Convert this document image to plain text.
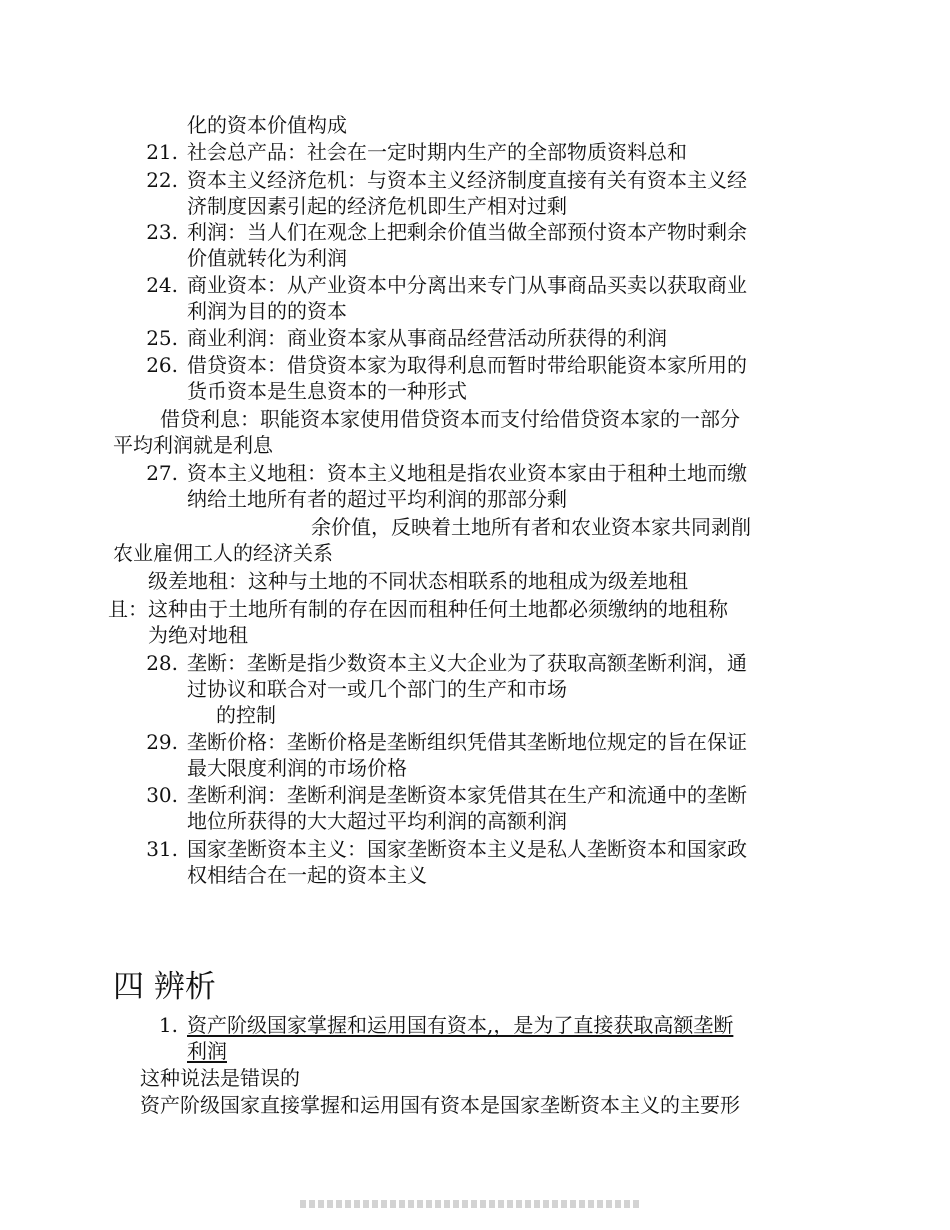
化的资本价值构成
21. 社会总产品：社会在一定时期内生产的全部物质资料总和
22. 资本主义经济危机：与资本主义经济制度直接有关有资本主义经
济制度因素引起的经济危机即生产相对过剩
23. 利润：当人们在观念上把剩余价值当做全部预付资本产物时剩余
价值就转化为利润
24. 商业资本：从产业资本中分离出来专门从事商品买卖以获取商业
利润为目的的资本
25. 商业利润：商业资本家从事商品经营活动所获得的利润
26. 借贷资本：借贷资本家为取得利息而暂时带给职能资本家所用的
货币资本是生息资本的一种形式
借贷利息：职能资本家使用借贷资本而支付给借贷资本家的一部分
平均利润就是利息
27. 资本主义地租：资本主义地租是指农业资本家由于租种土地而缴
纳给土地所有者的超过平均利润的那部分剩
余价值，反映着土地所有者和农业资本家共同剥削
农业雇佣工人的经济关系
级差地租：这种与土地的不同状态相联系的地租成为级差地租
且：这种由于土地所有制的存在因而租种任何土地都必须缴纳的地租称
为绝对地租
28. 垄断：垄断是指少数资本主义大企业为了获取高额垄断利润，通
过协议和联合对一或几个部门的生产和市场
的控制
29. 垄断价格：垄断价格是垄断组织凭借其垄断地位规定的旨在保证
最大限度利润的市场价格
30. 垄断利润：垄断利润是垄断资本家凭借其在生产和流通中的垄断
地位所获得的大大超过平均利润的高额利润
31. 国家垄断资本主义：国家垄断资本主义是私人垄断资本和国家政
权相结合在一起的资本主义
四 辨析
1. 资产阶级国家掌握和运用国有资本,，是为了直接获取高额垄断
利润
这种说法是错误的
资产阶级国家直接掌握和运用国有资本是国家垄断资本主义的主要形
